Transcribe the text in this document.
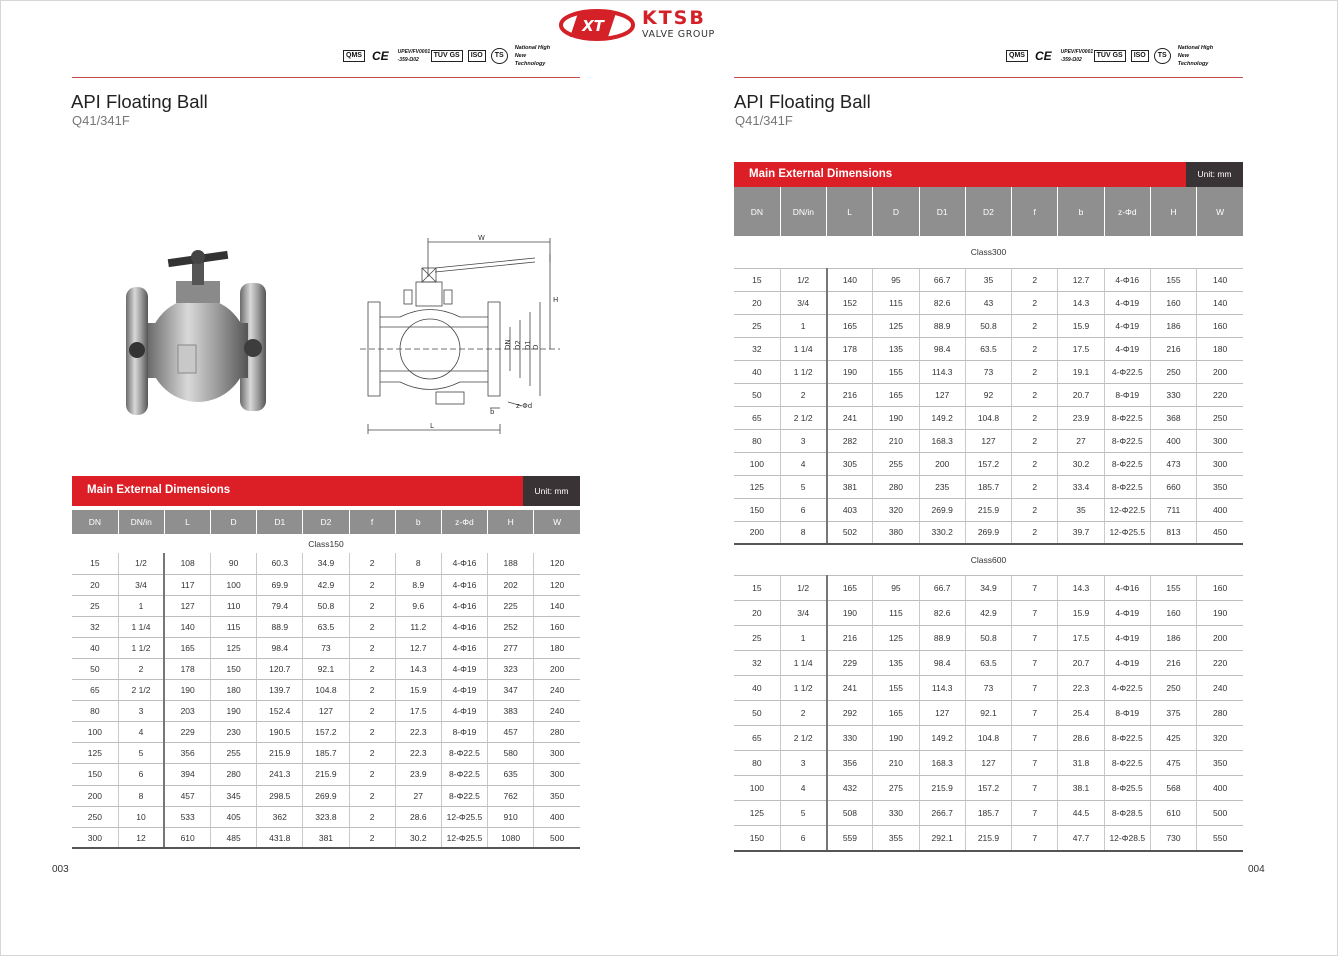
XT KTSB
VALVE GROUP
QMS CE	UPEV/FV0001 -359-Ω02
TÜV GS	ISO	TS
National High New Technology
QMS CE	UPEV/FV0001 -359-Ω02
TÜV GS	ISO	TS
National High New Technology
API Floating Ball
Q41/341F
API Floating Ball
Q41/341F
W
H
L
b
z-Φd
DN D2 D1 D
Main External Dimensions	Unit: mm
DN	DN/in	L	D	D1	D2	f	b	z-Φd	H	W
Class150										
15	1/2	108	90	60.3	34.9	2	8	4-Φ16	188	120
20	3/4	117	100	69.9	42.9	2	8.9	4-Φ16	202	120
25	1	127	110	79.4	50.8	2	9.6	4-Φ16	225	140
32	1 1/4	140	115	88.9	63.5	2	11.2	4-Φ16	252	160
40	1 1/2	165	125	98.4	73	2	12.7	4-Φ16	277	180
50	2	178	150	120.7	92.1	2	14.3	4-Φ19	323	200
65	2 1/2	190	180	139.7	104.8	2	15.9	4-Φ19	347	240
80	3	203	190	152.4	127	2	17.5	4-Φ19	383	240
100	4	229	230	190.5	157.2	2	22.3	8-Φ19	457	280
125	5	356	255	215.9	185.7	2	22.3	8-Φ22.5	580	300
150	6	394	280	241.3	215.9	2	23.9	8-Φ22.5	635	300
200	8	457	345	298.5	269.9	2	27	8-Φ22.5	762	350
250	10	533	405	362	323.8	2	28.6	12-Φ25.5	910	400
300	12	610	485	431.8	381	2	30.2	12-Φ25.5	1080	500
Main External Dimensions	Unit: mm
DN	DN/in	L	D	D1	D2	f	b	z-Φd	H	W
Class300										
15	1/2	140	95	66.7	35	2	12.7	4-Φ16	155	140
20	3/4	152	115	82.6	43	2	14.3	4-Φ19	160	140
25	1	165	125	88.9	50.8	2	15.9	4-Φ19	186	160
32	1 1/4	178	135	98.4	63.5	2	17.5	4-Φ19	216	180
40	1 1/2	190	155	114.3	73	2	19.1	4-Φ22.5	250	200
50	2	216	165	127	92	2	20.7	8-Φ19	330	220
65	2 1/2	241	190	149.2	104.8	2	23.9	8-Φ22.5	368	250
80	3	282	210	168.3	127	2	27	8-Φ22.5	400	300
100	4	305	255	200	157.2	2	30.2	8-Φ22.5	473	300
125	5	381	280	235	185.7	2	33.4	8-Φ22.5	660	350
150	6	403	320	269.9	215.9	2	35	12-Φ22.5	711	400
200	8	502	380	330.2	269.9	2	39.7	12-Φ25.5	813	450
Class600										
15	1/2	165	95	66.7	34.9	7	14.3	4-Φ16	155	160
20	3/4	190	115	82.6	42.9	7	15.9	4-Φ19	160	190
25	1	216	125	88.9	50.8	7	17.5	4-Φ19	186	200
32	1 1/4	229	135	98.4	63.5	7	20.7	4-Φ19	216	220
40	1 1/2	241	155	114.3	73	7	22.3	4-Φ22.5	250	240
50	2	292	165	127	92.1	7	25.4	8-Φ19	375	280
65	2 1/2	330	190	149.2	104.8	7	28.6	8-Φ22.5	425	320
80	3	356	210	168.3	127	7	31.8	8-Φ22.5	475	350
100	4	432	275	215.9	157.2	7	38.1	8-Φ25.5	568	400
125	5	508	330	266.7	185.7	7	44.5	8-Φ28.5	610	500
150	6	559	355	292.1	215.9	7	47.7	12-Φ28.5	730	550
003	004
